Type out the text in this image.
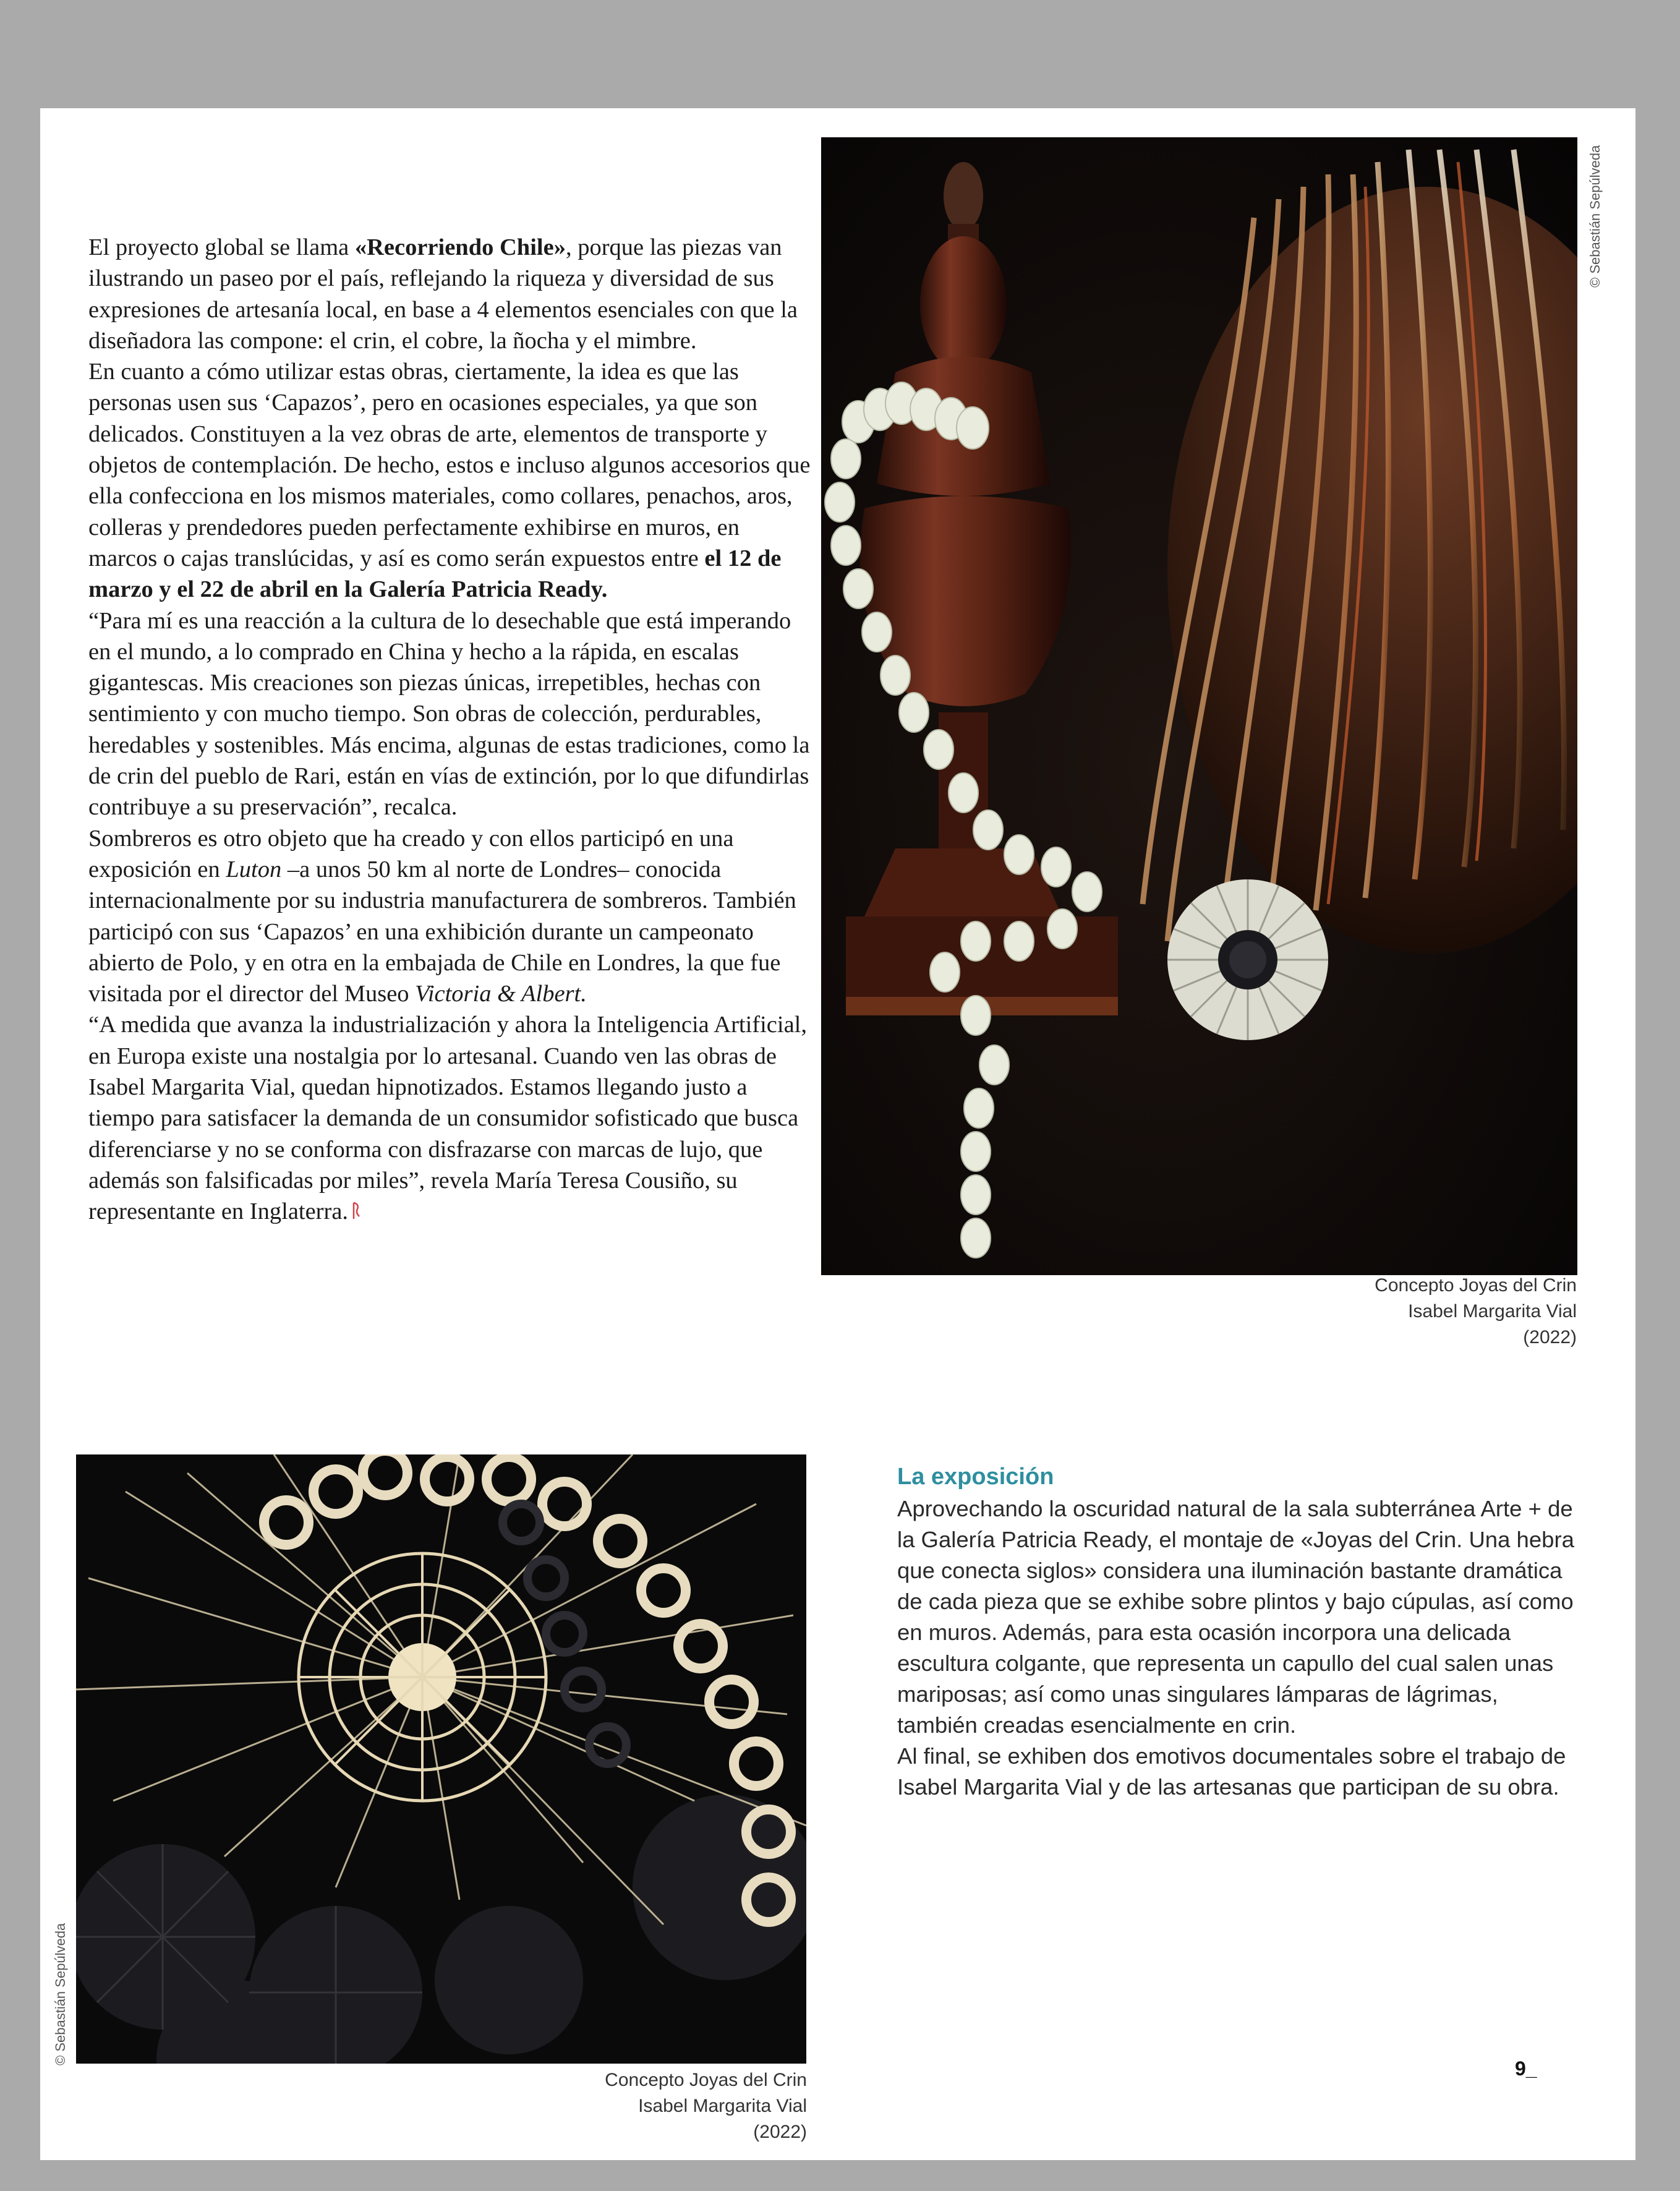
El proyecto global se llama «Recorriendo Chile», porque las piezas van ilustrando un paseo por el país, reflejando la riqueza y diversidad de sus expresiones de artesanía local, en base a 4 elementos esenciales con que la diseñadora las compone: el crin, el cobre, la ñocha y el mimbre.

En cuanto a cómo utilizar estas obras, ciertamente, la idea es que las personas usen sus ‘Capazos’, pero en ocasiones especiales, ya que son delicados. Constituyen a la vez obras de arte, elementos de transporte y objetos de contemplación. De hecho, estos e incluso algunos accesorios que ella confecciona en los mismos materiales, como collares, penachos, aros, colleras y prendedores pueden perfectamente exhibirse en muros, en marcos o cajas translúcidas, y así es como serán expuestos entre el 12 de marzo y el 22 de abril en la Galería Patricia Ready.

“Para mí es una reacción a la cultura de lo desechable que está imperando en el mundo, a lo comprado en China y hecho a la rápida, en escalas gigantescas. Mis creaciones son piezas únicas, irrepetibles, hechas con sentimiento y con mucho tiempo. Son obras de colección, perdurables, heredables y sostenibles. Más encima, algunas de estas tradiciones, como la de crin del pueblo de Rari, están en vías de extinción, por lo que difundirlas contribuye a su preservación”, recalca.

Sombreros es otro objeto que ha creado y con ellos participó en una exposición en Luton –a unos 50 km al norte de Londres– conocida internacionalmente por su industria manufacturera de sombreros. También participó con sus ‘Capazos’ en una exhibición durante un campeonato abierto de Polo, y en otra en la embajada de Chile en Londres, la que fue visitada por el director del Museo Victoria & Albert.

“A medida que avanza la industrialización y ahora la Inteligencia Artificial, en Europa existe una nostalgia por lo artesanal. Cuando ven las obras de Isabel Margarita Vial, quedan hipnotizados. Estamos llegando justo a tiempo para satisfacer la demanda de un consumidor sofisticado que busca diferenciarse y no se conforma con disfrazarse con marcas de lujo, que además son falsificadas por miles”, revela María Teresa Cousiño, su representante en Inglaterra.

© Sebastián Sepúlveda
Concepto Joyas del Crin
Isabel Margarita Vial
(2022)
© Sebastián Sepúlveda
Concepto Joyas del Crin
Isabel Margarita Vial
(2022)
La exposición

Aprovechando la oscuridad natural de la sala subterránea Arte + de la Galería Patricia Ready, el montaje de «Joyas del Crin. Una hebra que conecta siglos» considera una iluminación bastante dramática de cada pieza que se exhibe sobre plintos y bajo cúpulas, así como en muros. Además, para esta ocasión incorpora una delicada escultura colgante, que representa un capullo del cual salen unas mariposas; así como unas singulares lámparas de lágrimas, también creadas esencialmente en crin.

Al final, se exhiben dos emotivos documentales sobre el trabajo de Isabel Margarita Vial y de las artesanas que participan de su obra.

9_
